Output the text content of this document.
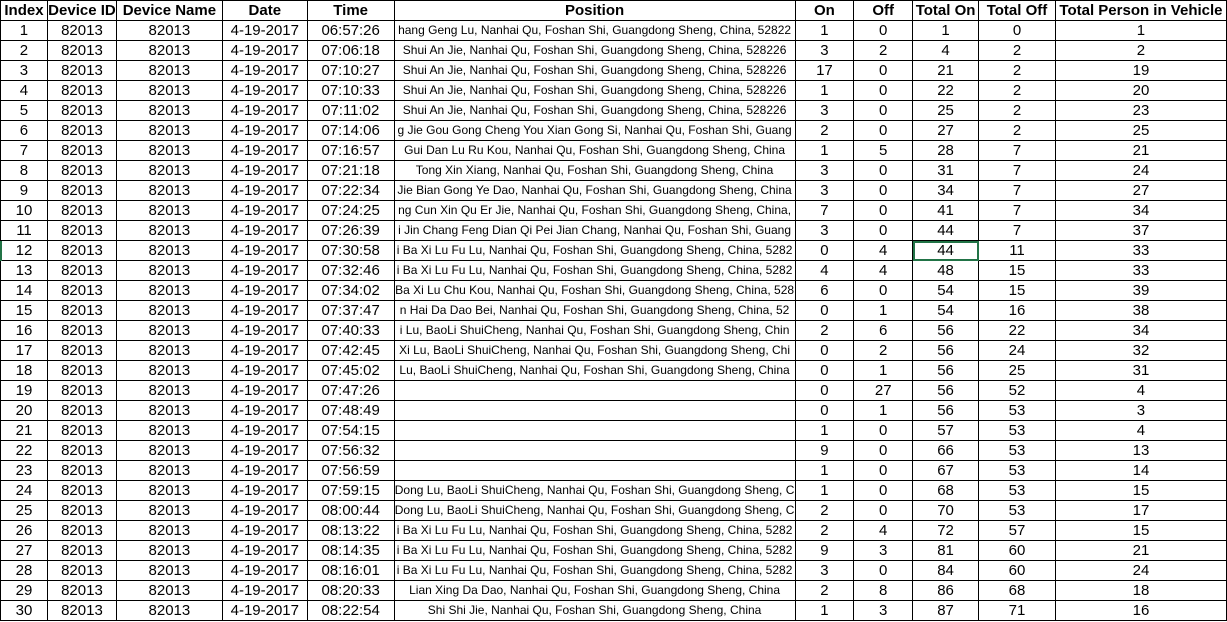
Index	Device ID	Device Name	Date	Time	Position	On	Off	Total On	Total Off	Total Person in Vehicle
1	82013	82013	4-19-2017	06:57:26	hang Geng Lu, Nanhai Qu, Foshan Shi, Guangdong Sheng, China, 52822	1	0	1	0	1
2	82013	82013	4-19-2017	07:06:18	Shui An Jie, Nanhai Qu, Foshan Shi, Guangdong Sheng, China, 528226	3	2	4	2	2
3	82013	82013	4-19-2017	07:10:27	Shui An Jie, Nanhai Qu, Foshan Shi, Guangdong Sheng, China, 528226	17	0	21	2	19
4	82013	82013	4-19-2017	07:10:33	Shui An Jie, Nanhai Qu, Foshan Shi, Guangdong Sheng, China, 528226	1	0	22	2	20
5	82013	82013	4-19-2017	07:11:02	Shui An Jie, Nanhai Qu, Foshan Shi, Guangdong Sheng, China, 528226	3	0	25	2	23
6	82013	82013	4-19-2017	07:14:06	g Jie Gou Gong Cheng You Xian Gong Si, Nanhai Qu, Foshan Shi, Guang	2	0	27	2	25
7	82013	82013	4-19-2017	07:16:57	Gui Dan Lu Ru Kou, Nanhai Qu, Foshan Shi, Guangdong Sheng, China	1	5	28	7	21
8	82013	82013	4-19-2017	07:21:18	Tong Xin Xiang, Nanhai Qu, Foshan Shi, Guangdong Sheng, China	3	0	31	7	24
9	82013	82013	4-19-2017	07:22:34	Jie Bian Gong Ye Dao, Nanhai Qu, Foshan Shi, Guangdong Sheng, China	3	0	34	7	27
10	82013	82013	4-19-2017	07:24:25	ng Cun Xin Qu Er Jie, Nanhai Qu, Foshan Shi, Guangdong Sheng, China,	7	0	41	7	34
11	82013	82013	4-19-2017	07:26:39	i Jin Chang Feng Dian Qi Pei Jian Chang, Nanhai Qu, Foshan Shi, Guang	3	0	44	7	37
12	82013	82013	4-19-2017	07:30:58	i Ba Xi Lu Fu Lu, Nanhai Qu, Foshan Shi, Guangdong Sheng, China, 5282	0	4	44	11	33
13	82013	82013	4-19-2017	07:32:46	i Ba Xi Lu Fu Lu, Nanhai Qu, Foshan Shi, Guangdong Sheng, China, 5282	4	4	48	15	33
14	82013	82013	4-19-2017	07:34:02	Ba Xi Lu Chu Kou, Nanhai Qu, Foshan Shi, Guangdong Sheng, China, 528	6	0	54	15	39
15	82013	82013	4-19-2017	07:37:47	n Hai Da Dao Bei, Nanhai Qu, Foshan Shi, Guangdong Sheng, China, 52	0	1	54	16	38
16	82013	82013	4-19-2017	07:40:33	i Lu, BaoLi ShuiCheng, Nanhai Qu, Foshan Shi, Guangdong Sheng, Chin	2	6	56	22	34
17	82013	82013	4-19-2017	07:42:45	Xi Lu, BaoLi ShuiCheng, Nanhai Qu, Foshan Shi, Guangdong Sheng, Chi	0	2	56	24	32
18	82013	82013	4-19-2017	07:45:02	Lu, BaoLi ShuiCheng, Nanhai Qu, Foshan Shi, Guangdong Sheng, China	0	1	56	25	31
19	82013	82013	4-19-2017	07:47:26		0	27	56	52	4
20	82013	82013	4-19-2017	07:48:49		0	1	56	53	3
21	82013	82013	4-19-2017	07:54:15		1	0	57	53	4
22	82013	82013	4-19-2017	07:56:32		9	0	66	53	13
23	82013	82013	4-19-2017	07:56:59		1	0	67	53	14
24	82013	82013	4-19-2017	07:59:15	Dong Lu, BaoLi ShuiCheng, Nanhai Qu, Foshan Shi, Guangdong Sheng, C	1	0	68	53	15
25	82013	82013	4-19-2017	08:00:44	Dong Lu, BaoLi ShuiCheng, Nanhai Qu, Foshan Shi, Guangdong Sheng, C	2	0	70	53	17
26	82013	82013	4-19-2017	08:13:22	i Ba Xi Lu Fu Lu, Nanhai Qu, Foshan Shi, Guangdong Sheng, China, 5282	2	4	72	57	15
27	82013	82013	4-19-2017	08:14:35	i Ba Xi Lu Fu Lu, Nanhai Qu, Foshan Shi, Guangdong Sheng, China, 5282	9	3	81	60	21
28	82013	82013	4-19-2017	08:16:01	i Ba Xi Lu Fu Lu, Nanhai Qu, Foshan Shi, Guangdong Sheng, China, 5282	3	0	84	60	24
29	82013	82013	4-19-2017	08:20:33	Lian Xing Da Dao, Nanhai Qu, Foshan Shi, Guangdong Sheng, China	2	8	86	68	18
30	82013	82013	4-19-2017	08:22:54	Shi Shi Jie, Nanhai Qu, Foshan Shi, Guangdong Sheng, China	1	3	87	71	16
